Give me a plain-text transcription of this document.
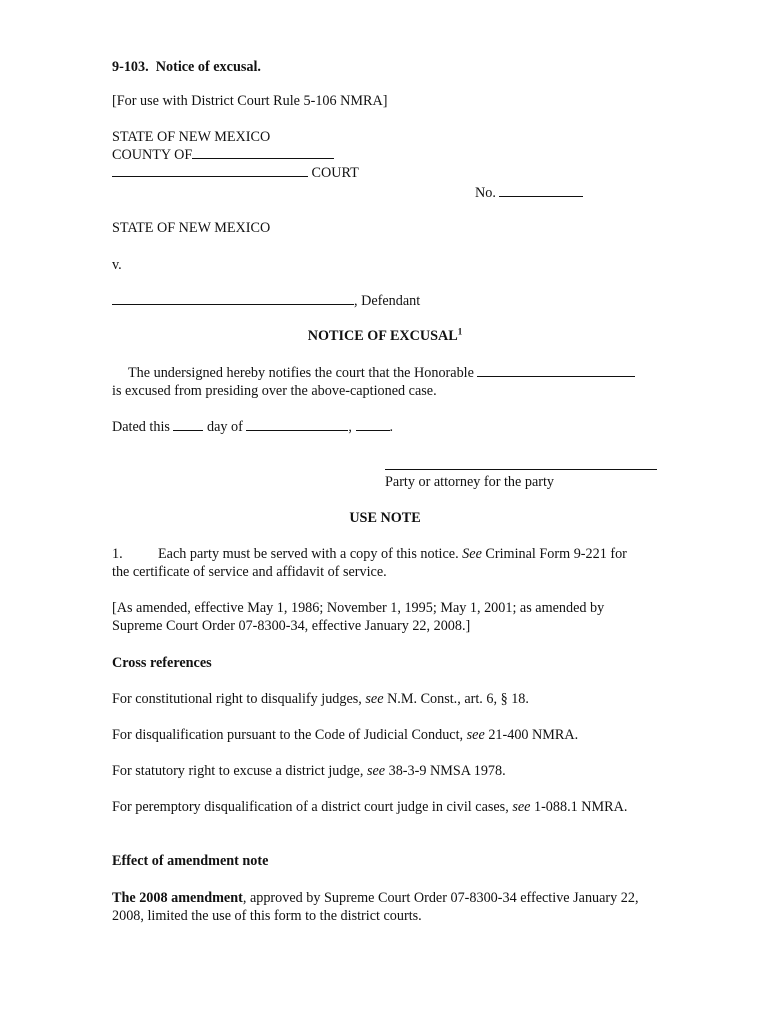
9-103. Notice of excusal.
[For use with District Court Rule 5-106 NMRA]
STATE OF NEW MEXICO
COUNTY OF
COURT
No.
STATE OF NEW MEXICO
v.
, Defendant
NOTICE OF EXCUSAL$^1$
The undersigned hereby notifies the court that the Honorable
is excused from presiding over the above-captioned case.
Dated this	day of	,	.
Party or attorney for the party
USE NOTE
1. Each party must be served with a copy of this notice. See Criminal Form 9-221 for
the certificate of service and affidavit of service.
[As amended, effective May 1, 1986; November 1, 1995; May 1, 2001; as amended by
Supreme Court Order 07-8300-34, effective January 22, 2008.]
Cross references
For constitutional right to disqualify judges, see N.M. Const., art. 6, § 18.
For disqualification pursuant to the Code of Judicial Conduct, see 21-400 NMRA.
For statutory right to excuse a district judge, see 38-3-9 NMSA 1978.
For peremptory disqualification of a district court judge in civil cases, see 1-088.1 NMRA.
Effect of amendment note
The 2008 amendment, approved by Supreme Court Order 07-8300-34 effective January 22,
2008, limited the use of this form to the district courts.
